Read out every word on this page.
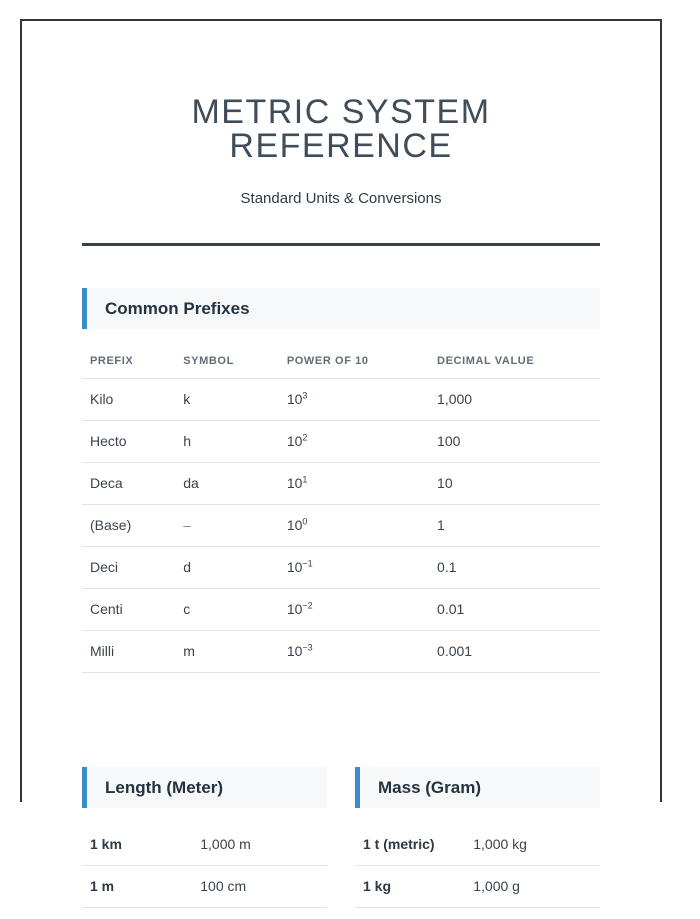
METRIC SYSTEM REFERENCE
Standard Units & Conversions
Common Prefixes
PREFIX	SYMBOL	POWER OF 10	DECIMAL VALUE
Kilo	k	$10^3$	1,000
Hecto	h	$10^2$	100
Deca	da	$10^1$	10
(Base)	–	$10^0$	1
Deci	d	$10^{-1}$	0.1
Centi	c	$10^{-2}$	0.01
Milli	m	$10^{-3}$	0.001
Length (Meter)
1 km	1,000 m
1 m	100 cm
Mass (Gram)
1 t (metric)	1,000 kg
1 kg	1,000 g
